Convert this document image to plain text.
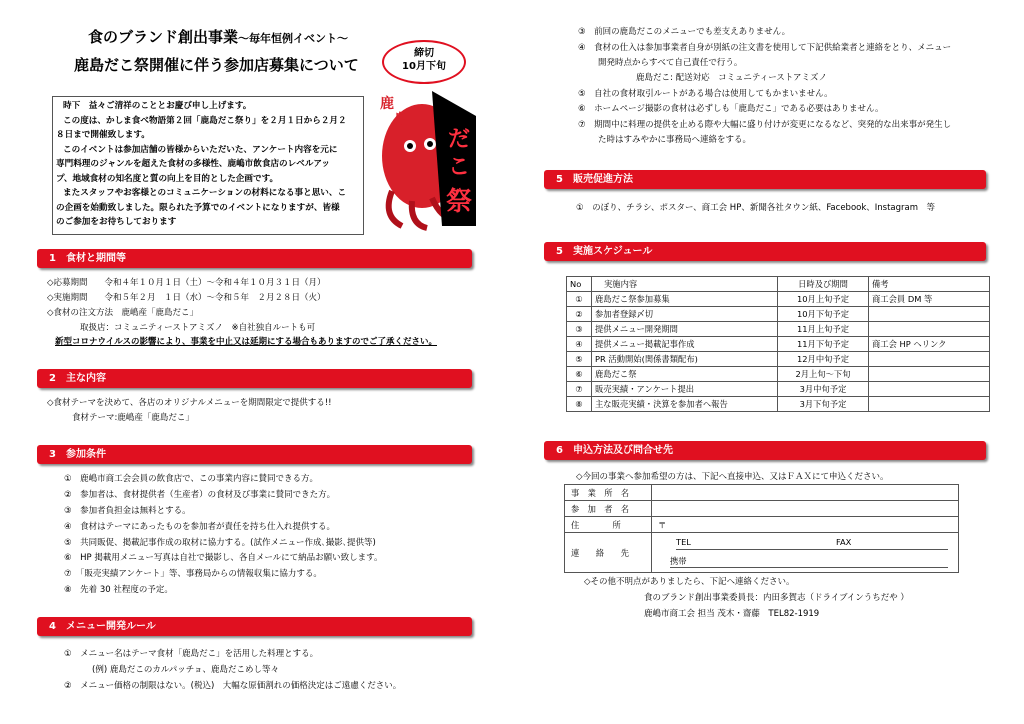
食のブランド創出事業～毎年恒例イベント～
鹿島だこ祭開催に伴う参加店募集について
締切
10月下旬
時下　益々ご清祥のこととお慶び申し上げます。
この度は、かしま食べ物語第２回「鹿島だこ祭り」を２月１日から２月２
８日まで開催致します。
このイベントは参加店舗の皆様からいただいた、アンケート内容を元に
専門料理のジャンルを超えた食材の多様性、鹿嶋市飲食店のレベルアッ
プ、地域食材の知名度と質の向上を目的とした企画です。
またスタッフやお客様とのコミュニケーションの材料になる事と思い、こ
の企画を始動致しました。限られた予算でのイベントになりますが、皆様
のご参加をお待ちしております
鹿
島
だ
こ
祭
1　食材と期間等
◇応募期間　　令和４年１０月１日（土）～令和４年１０月３１日（月）
◇実施期間　　令和５年２月　１日（水）～令和５年　２月２８日（火）
◇食材の注文方法　鹿嶋産「鹿島だこ」
取扱店：コミュニティーストアミズノ　※自社独自ルートも可
新型コロナウイルスの影響により、事業を中止又は延期にする場合もありますのでご了承ください。
2　主な内容
◇食材テーマを決めて、各店のオリジナルメニューを期間限定で提供する!!
食材テーマ:鹿嶋産「鹿島だこ」
3　参加条件
①　鹿嶋市商工会会員の飲食店で、この事業内容に賛同できる方。
②　参加者は、食材提供者（生産者）の食材及び事業に賛同できた方。
③　参加者負担金は無料とする。
④　食材はテーマにあったものを参加者が責任を持ち仕入れ提供する。
⑤　共同販促、掲載記事作成の取材に協力する。(試作メニュー作成､撮影､提供等)
⑥　HP 掲載用メニュー写真は自社で撮影し、各自メールにて納品お願い致します。
⑦　「販売実績アンケート」等、事務局からの情報収集に協力する。
⑧　先着 30 社程度の予定。
4　メニュー開発ルール
①　メニュー名はテーマ食材「鹿島だこ」を活用した料理とする。
(例) 鹿島だこのカルパッチョ、鹿島だこめし等々
②　メニュー価格の制限はない。(税込)　大幅な原価割れの価格決定はご遠慮ください。
③　前回の鹿島だこのメニューでも差支えありません。
④　食材の仕入は参加事業者自身が別紙の注文書を使用して下記供給業者と連絡をとり、メニュー
開発時点からすべて自己責任で行う。
鹿島だこ: 配送対応　コミュニティーストアミズノ
⑤　自社の食材取引ルートがある場合は使用してもかまいません。
⑥　ホームページ撮影の食材は必ずしも「鹿島だこ」である必要はありません。
⑦　期間中に料理の提供を止める際や大幅に盛り付けが変更になるなど、突発的な出来事が発生し
た時はすみやかに事務局へ連絡をする。
5　販売促進方法
①　のぼり、チラシ、ポスター、商工会 HP、新聞各社タウン紙、Facebook、Instagram　等
5　実施スケジュール
No	実施内容	日時及び期間	備考
①	鹿島だこ祭参加募集	10月上旬予定	商工会員 DM 等
②	参加者登録〆切	10月下旬予定	
③	提供メニュー開発期間	11月上旬予定	
④	提供メニュー掲載記事作成	11月下旬予定	商工会 HP ヘリンク
⑤	PR 活動開始(関係書類配布)	12月中旬予定	
⑥	鹿島だこ祭	2月上旬～下旬	
⑦	販売実績・アンケート提出	3月中旬予定	
⑧	主な販売実績・決算を参加者へ報告	3月下旬予定	
6　申込方法及び問合せ先
◇今回の事業へ参加希望の方は、下記へ直接申込、又はＦＡＸにて申込ください。
事　業　所　名	
参　加　者　名	
住　　　　所	〒
連　　絡　　先	TEL FAX
携帯
◇その他不明点がありましたら、下記へ連絡ください。
食のブランド創出事業委員長：内田多賀志（ドライブインうちだや ）
鹿嶋市商工会 担当 茂木・齋藤　TEL82-1919
